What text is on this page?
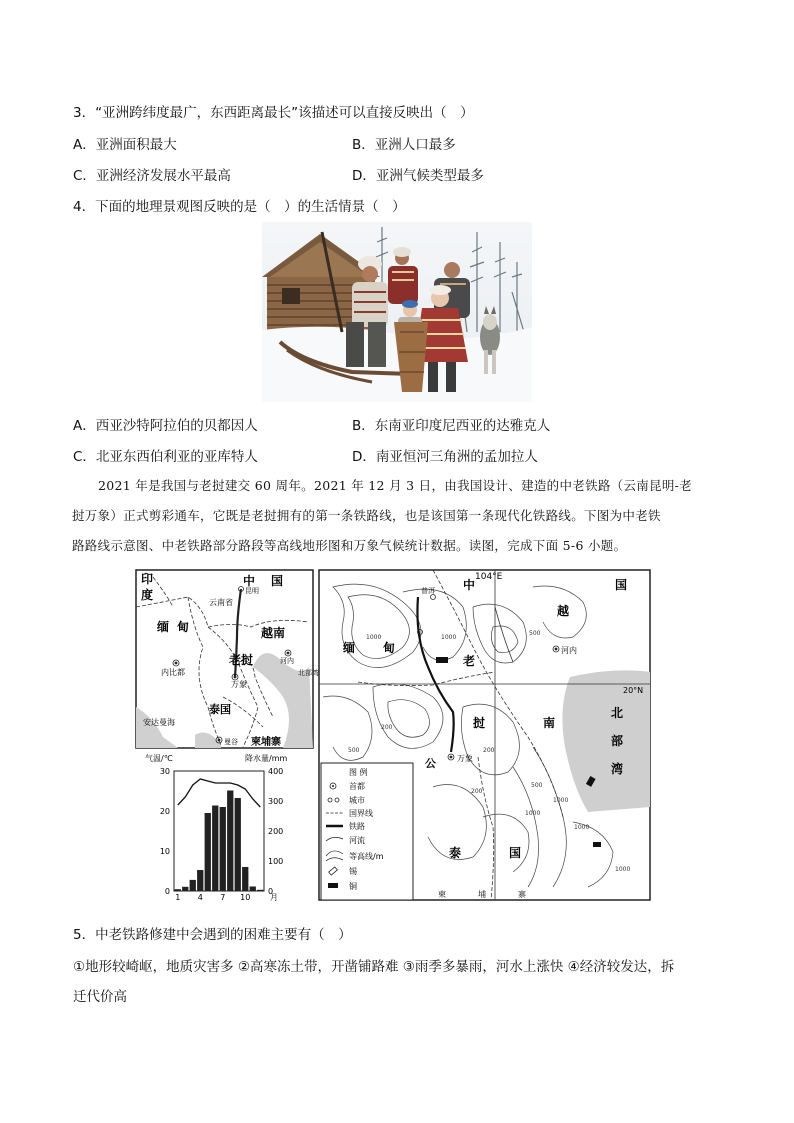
3．“亚洲跨纬度最广，东西距离最长”该描述可以直接反映出（　）
A．亚洲面积最大	B．亚洲人口最多
C．亚洲经济发展水平最高	D．亚洲气候类型最多
4．下面的地理景观图反映的是（　）的生活情景（　）
A．西亚沙特阿拉伯的贝都因人	B．东南亚印度尼西亚的达雅克人
C．北亚东西伯利亚的亚库特人	D．南亚恒河三角洲的孟加拉人
2021 年是我国与老挝建交 60 周年。2021 年 12 月 3 日，由我国设计、建造的中老铁路（云南昆明-老
挝万象）正式剪彩通车，它既是老挝拥有的第一条铁路线，也是该国第一条现代化铁路线。下图为中老铁
路路线示意图、中老铁路部分路段等高线地形图和万象气候统计数据。读图，完成下面 5-6 小题。
印
度
中 国
云南省
昆明
缅甸	越南
老挝	河内
北部湾
内比都
万象
泰国
安达曼海
曼谷 柬埔寨
104°E
中	国
越
普洱
缅 甸
老
河内
20°N
北
部
湾
挝	南
公	万象
泰	国
柬	埔	寨
1000	1000
500
200
500	200
500
1000
1000
1000
200
1000
图 例
首都
城市
国界线
铁路
河流
等高线/m
锡
铜
气温/℃	降水量/mm
0
10
20
30
0
100
200
300
400
1 4 7 10 月
5．中老铁路修建中会遇到的困难主要有（　）
①地形较崎岖，地质灾害多 ②高寒冻土带，开凿铺路难 ③雨季多暴雨，河水上涨快 ④经济较发达，拆
迁代价高
